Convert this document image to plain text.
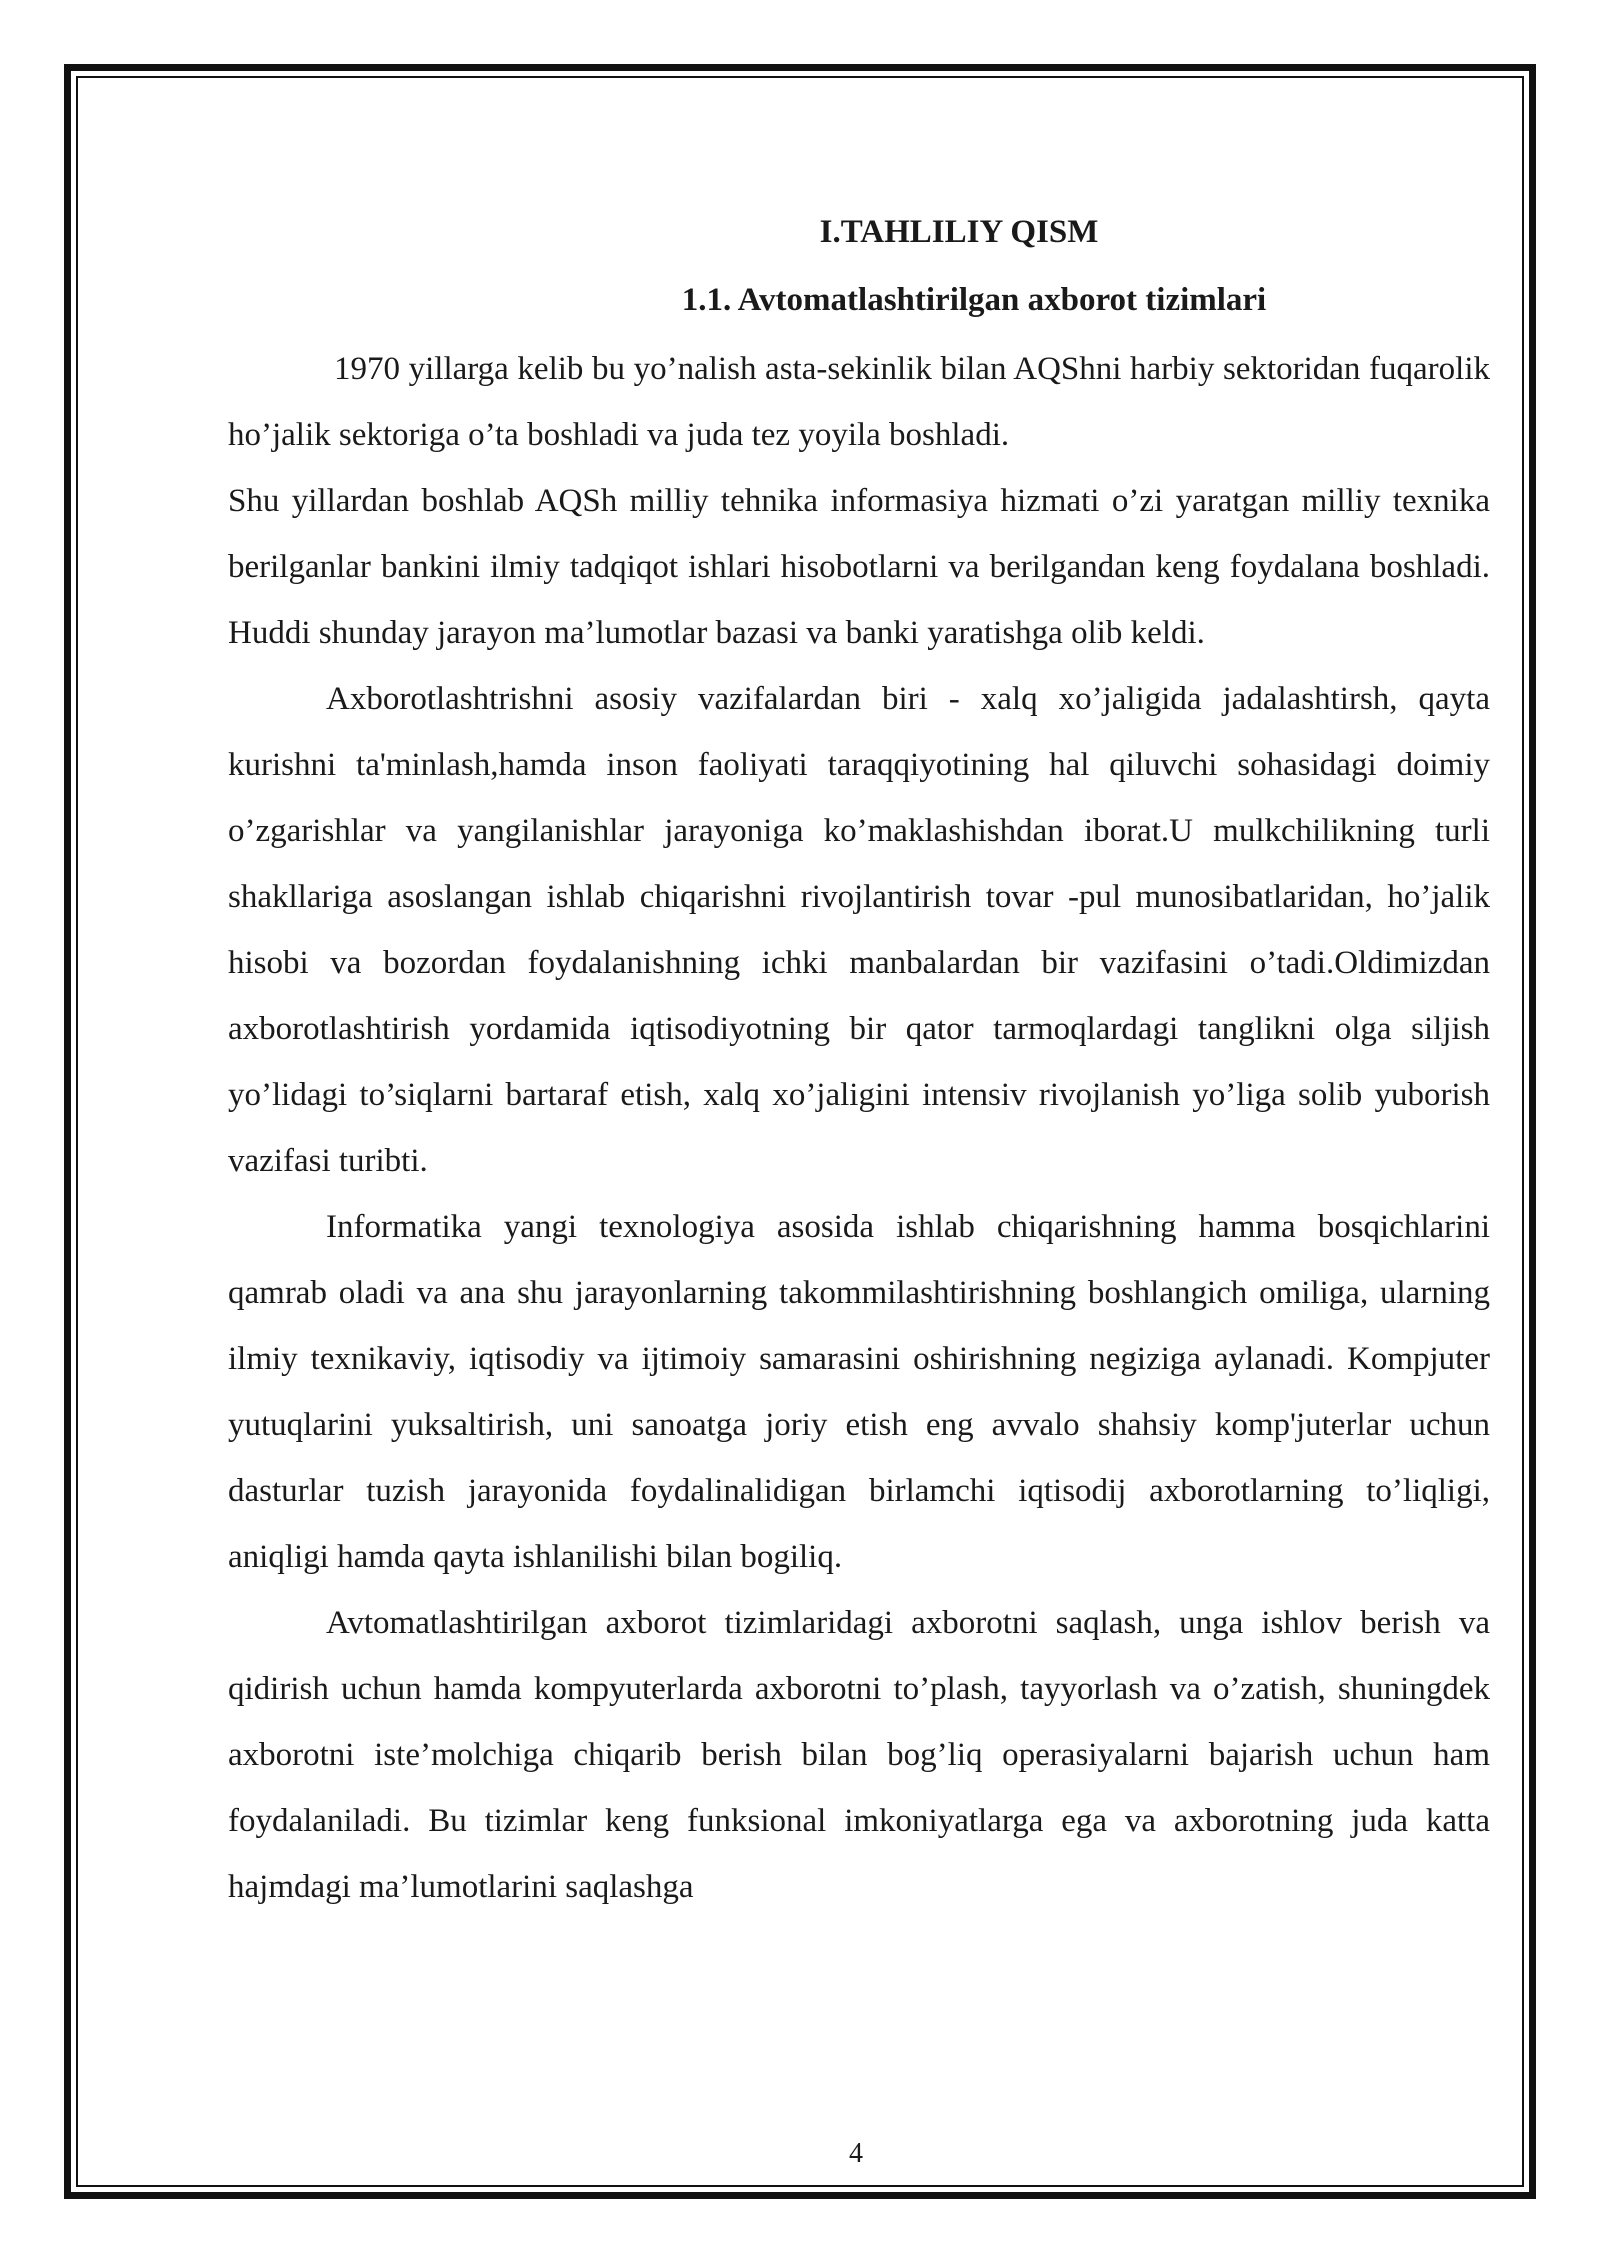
I.TAHLILIY QISM
1.1. Avtomatlashtirilgan axborot tizimlari

1970 yillarga kelib bu yo’nalish asta-sekinlik bilan AQShni harbiy sektoridan fuqarolik ho’jalik sektoriga o’ta boshladi va juda tez yoyila boshladi.

Shu yillardan boshlab AQSh milliy tehnika informasiya hizmati o’zi yaratgan milliy texnika berilganlar bankini ilmiy tadqiqot ishlari hisobotlarni va berilgandan keng foydalana boshladi. Huddi shunday jarayon ma’lumotlar bazasi va banki yaratishga olib keldi.

Axborotlashtrishni asosiy vazifalardan biri - xalq xo’jaligida jadalashtirsh, qayta kurishni ta'minlash,hamda inson faoliyati taraqqiyotining hal qiluvchi sohasidagi doimiy o’zgarishlar va yangilanishlar jarayoniga ko’maklashishdan iborat.U mulkchilikning turli shakllariga asoslangan ishlab chiqarishni rivojlantirish tovar -pul munosibatlaridan, ho’jalik hisobi va bozordan foydalanishning ichki manbalardan bir vazifasini o’tadi.Oldimizdan axborotlashtirish yordamida iqtisodiyotning bir qator tarmoqlardagi tanglikni olga siljish yo’lidagi to’siqlarni bartaraf etish, xalq xo’jaligini intensiv rivojlanish yo’liga solib yuborish vazifasi turibti.

Informatika yangi texnologiya asosida ishlab chiqarishning hamma bosqichlarini qamrab oladi va ana shu jarayonlarning takommilashtirishning boshlangich omiliga, ularning ilmiy texnikaviy, iqtisodiy va ijtimoiy samarasini oshirishning negiziga aylanadi. Kompjuter yutuqlarini yuksaltirish, uni sanoatga joriy etish eng avvalo shahsiy komp'juterlar uchun dasturlar tuzish jarayonida foydalinalidigan birlamchi iqtisodij axborotlarning to’liqligi, aniqligi hamda qayta ishlanilishi bilan bogiliq.

Avtomatlashtirilgan axborot tizimlaridagi axborotni saqlash, unga ishlov berish va qidirish uchun hamda kompyuterlarda axborotni to’plash, tayyorlash va o’zatish, shuningdek axborotni iste’molchiga chiqarib berish bilan bog’liq operasiyalarni bajarish uchun ham foydalaniladi. Bu tizimlar keng funksional imkoniyatlarga ega va axborotning juda katta hajmdagi ma’lumotlarini saqlashga

4
